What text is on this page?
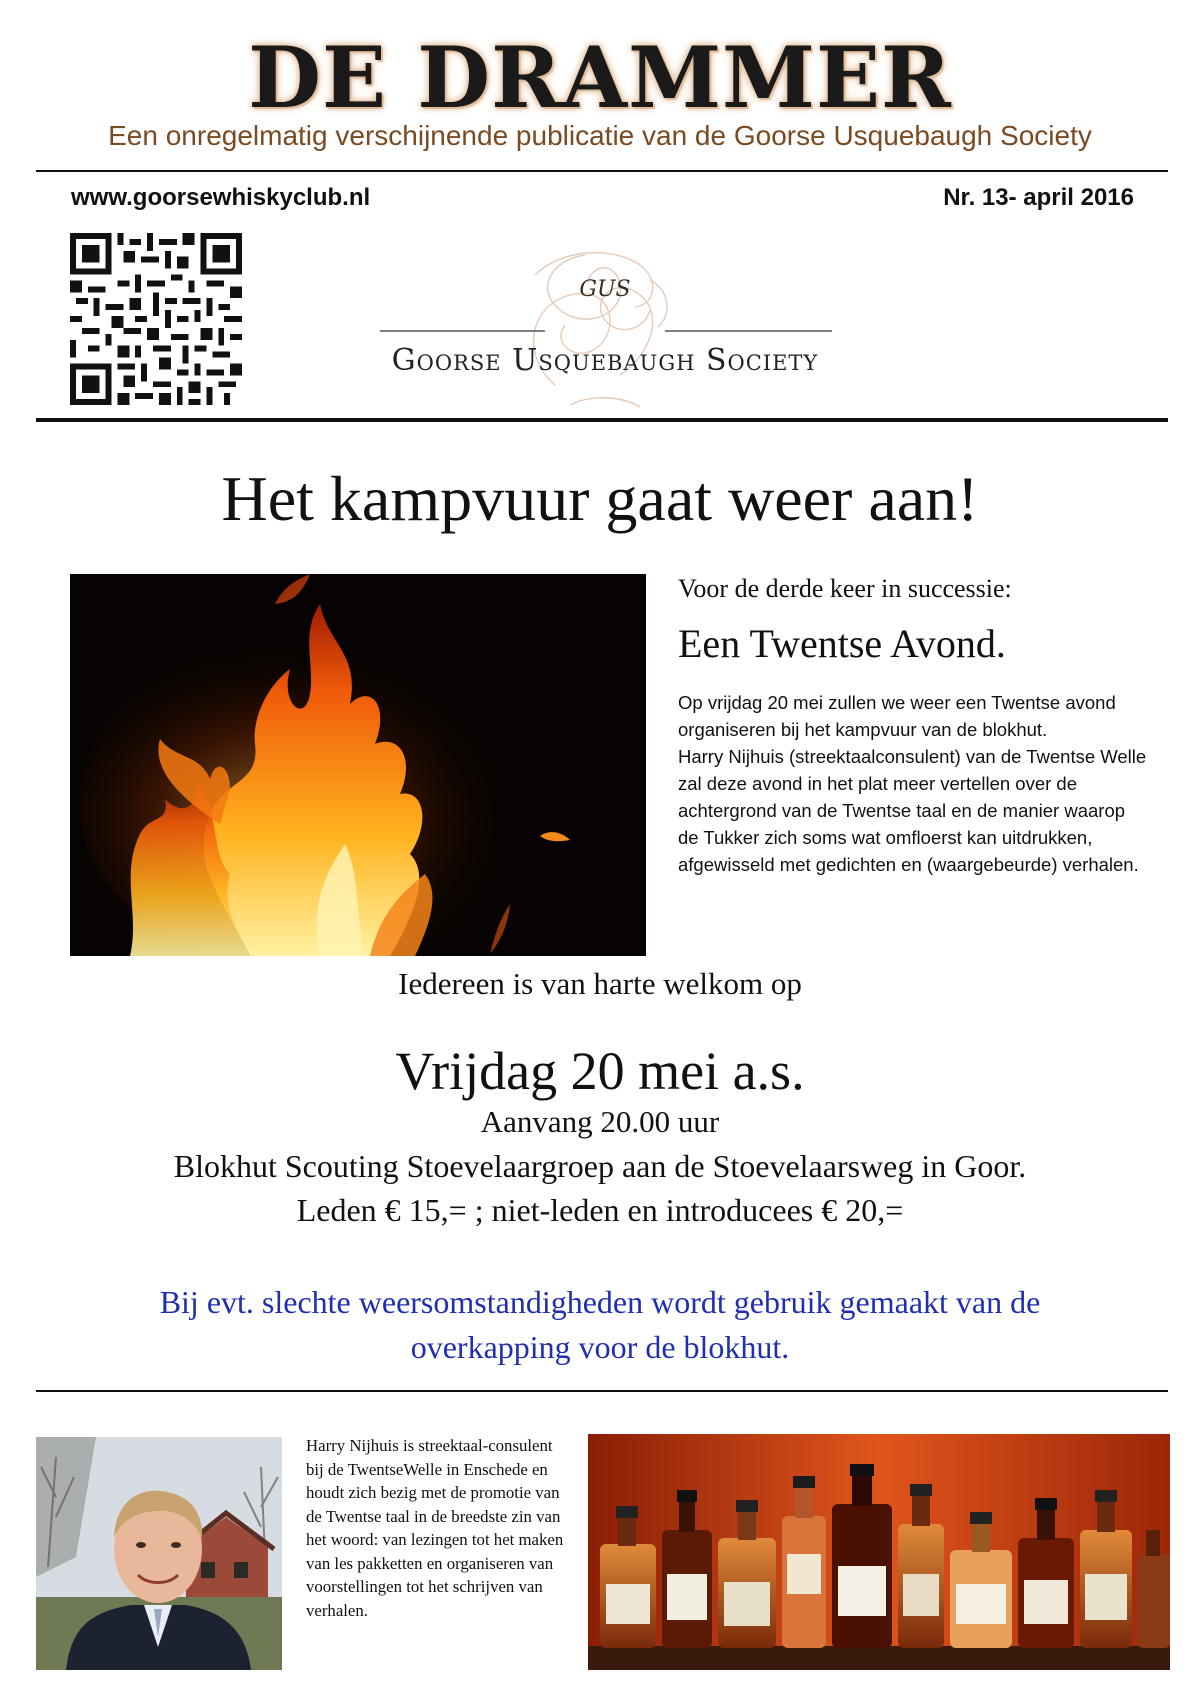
DE DRAMMER
Een onregelmatig verschijnende publicatie van de Goorse Usquebaugh Society
www.goorsewhiskyclub.nl	Nr. 13- april 2016
GUS
Goorse Usquebaugh Society
Het kampvuur gaat weer aan!
Voor de derde keer in successie:
Een Twentse Avond.
Op vrijdag 20 mei zullen we weer een Twentse avond organiseren bij het kampvuur van de blokhut.
Harry Nijhuis (streektaalconsulent) van de Twentse Welle zal deze avond in het plat meer vertellen over de achtergrond van de Twentse taal en de manier waarop de Tukker zich soms wat omfloerst kan uitdrukken, afgewisseld met gedichten en (waargebeurde) verhalen.
Iedereen is van harte welkom op
Vrijdag 20 mei a.s.
Aanvang 20.00 uur
Blokhut Scouting Stoevelaargroep aan de Stoevelaarsweg in Goor.
Leden € 15,= ; niet-leden en introducees € 20,=
Bij evt. slechte weersomstandigheden wordt gebruik gemaakt van de overkapping voor de blokhut.
Harry Nijhuis is streektaal-consulent bij de TwentseWelle in Enschede en houdt zich bezig met de promotie van de Twentse taal in de breedste zin van het woord: van lezingen tot het maken van les pakketten en organiseren van voorstellingen tot het schrijven van verhalen.
